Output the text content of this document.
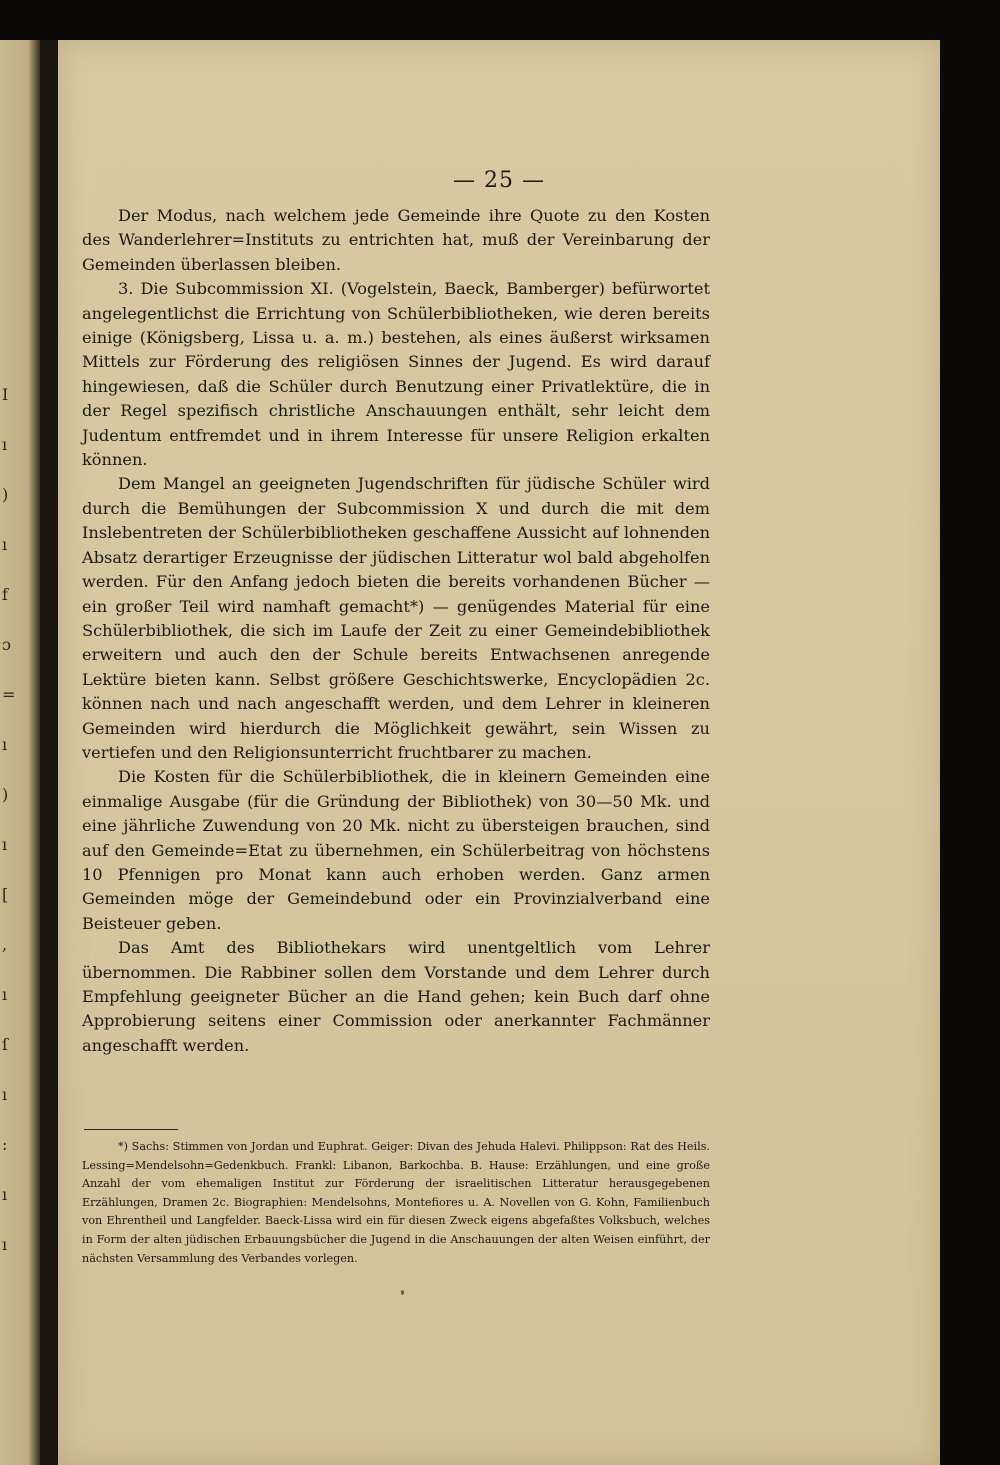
I
ı
)
ı
f
ɔ
=
ı
)
ı
[
,
ı
ſ
ı
:
ı
ı
— 25 —

Der Modus, nach welchem jede Gemeinde ihre Quote zu den Kosten des Wanderlehrer=Instituts zu entrichten hat, muß der Vereinbarung der Gemeinden überlassen bleiben.

3. Die Subcommission XI. (Vogelstein, Baeck, Bamberger) befürwortet angelegentlichst die Errichtung von Schülerbibliotheken, wie deren bereits einige (Königsberg, Lissa u. a. m.) bestehen, als eines äußerst wirksamen Mittels zur Förderung des religiösen Sinnes der Jugend. Es wird darauf hingewiesen, daß die Schüler durch Benutzung einer Privatlektüre, die in der Regel spezifisch christliche Anschauungen enthält, sehr leicht dem Judentum entfremdet und in ihrem Interesse für unsere Religion erkalten können.

Dem Mangel an geeigneten Jugendschriften für jüdische Schüler wird durch die Bemühungen der Subcommission X und durch die mit dem Inslebentreten der Schülerbibliotheken geschaffene Aussicht auf lohnenden Absatz derartiger Erzeugnisse der jüdischen Litteratur wol bald abgeholfen werden. Für den Anfang jedoch bieten die bereits vorhandenen Bücher — ein großer Teil wird namhaft gemacht*) — genügendes Material für eine Schülerbibliothek, die sich im Laufe der Zeit zu einer Gemeindebibliothek erweitern und auch den der Schule bereits Entwachsenen anregende Lektüre bieten kann. Selbst größere Geschichtswerke, Encyclopädien 2c. können nach und nach angeschafft werden, und dem Lehrer in kleineren Gemeinden wird hierdurch die Möglichkeit gewährt, sein Wissen zu vertiefen und den Religionsunterricht fruchtbarer zu machen.

Die Kosten für die Schülerbibliothek, die in kleinern Gemeinden eine einmalige Ausgabe (für die Gründung der Bibliothek) von 30—50 Mk. und eine jährliche Zuwendung von 20 Mk. nicht zu übersteigen brauchen, sind auf den Gemeinde=Etat zu übernehmen, ein Schülerbeitrag von höchstens 10 Pfennigen pro Monat kann auch erhoben werden. Ganz armen Gemeinden möge der Gemeindebund oder ein Provinzialverband eine Beisteuer geben.

Das Amt des Bibliothekars wird unentgeltlich vom Lehrer übernommen. Die Rabbiner sollen dem Vorstande und dem Lehrer durch Empfehlung geeigneter Bücher an die Hand gehen; kein Buch darf ohne Approbierung seitens einer Commission oder anerkannter Fachmänner angeschafft werden.

*) Sachs: Stimmen von Jordan und Euphrat. Geiger: Divan des Jehuda Halevi. Philippson: Rat des Heils. Lessing=Mendelsohn=Gedenkbuch. Frankl: Libanon, Barkochba. B. Hause: Erzählungen, und eine große Anzahl der vom ehemaligen Institut zur Förderung der israelitischen Litteratur herausgegebenen Erzählungen, Dramen 2c. Biographien: Mendelsohns, Montefiores u. A. Novellen von G. Kohn, Familienbuch von Ehrentheil und Langfelder. Baeck-Lissa wird ein für diesen Zweck eigens abgefaßtes Volksbuch, welches in Form der alten jüdischen Erbauungsbücher die Jugend in die Anschauungen der alten Weisen einführt, der nächsten Versammlung des Verbandes vorlegen.
